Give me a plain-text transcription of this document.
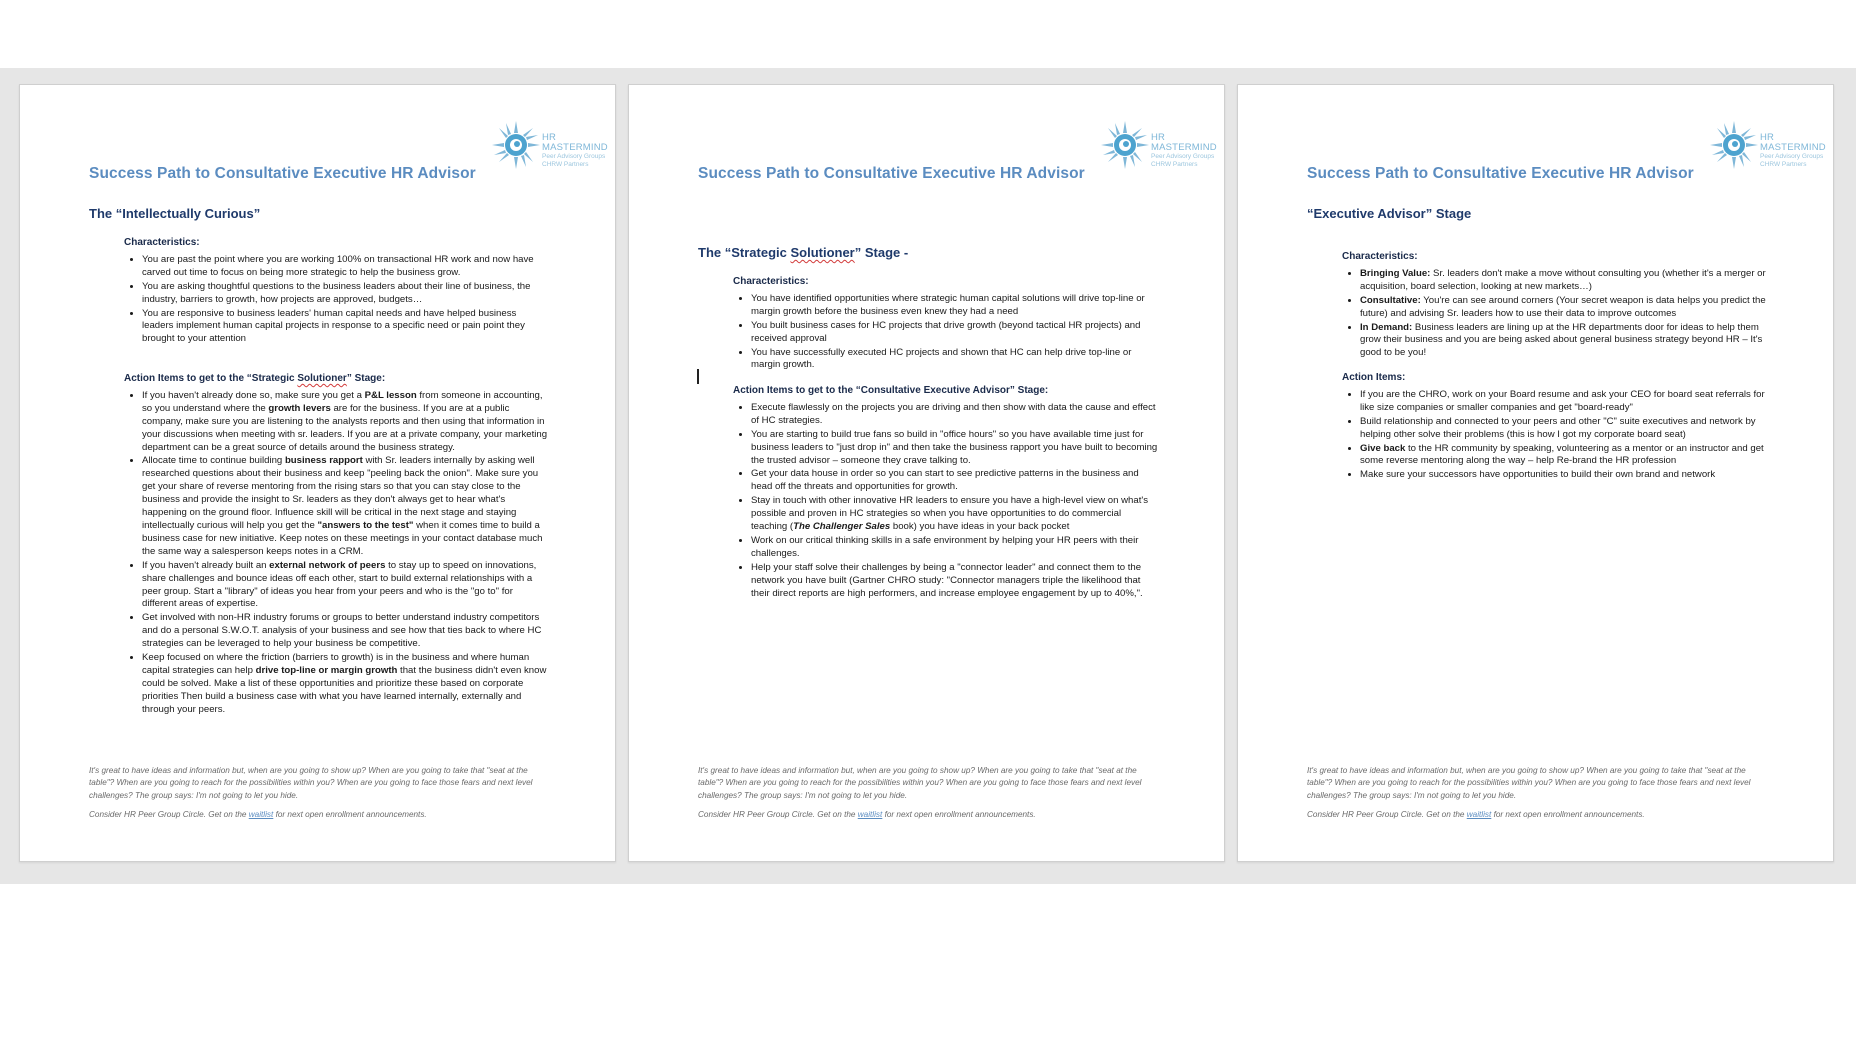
HR MASTERMIND
Peer Advisory Groups
CHRW Partners
Success Path to Consultative Executive HR Advisor
The “Intellectually Curious”
Characteristics:
• You are past the point where you are working 100% on transactional HR work and now have carved out time to focus on being more strategic to help the business grow.
• You are asking thoughtful questions to the business leaders about their line of business, the industry, barriers to growth, how projects are approved, budgets…
• You are responsive to business leaders' human capital needs and have helped business leaders implement human capital projects in response to a specific need or pain point they brought to your attention
Action Items to get to the “Strategic Solutioner” Stage:
• If you haven't already done so, make sure you get a P&L lesson from someone in accounting, so you understand where the growth levers are for the business. If you are at a public company, make sure you are listening to the analysts reports and then using that information in your discussions when meeting with sr. leaders. If you are at a private company, your marketing department can be a great source of details around the business strategy.
• Allocate time to continue building business rapport with Sr. leaders internally by asking well researched questions about their business and keep "peeling back the onion". Make sure you get your share of reverse mentoring from the rising stars so that you can stay close to the business and provide the insight to Sr. leaders as they don't always get to hear what's happening on the ground floor. Influence skill will be critical in the next stage and staying intellectually curious will help you get the "answers to the test" when it comes time to build a business case for new initiative. Keep notes on these meetings in your contact database much the same way a salesperson keeps notes in a CRM.
• If you haven't already built an external network of peers to stay up to speed on innovations, share challenges and bounce ideas off each other, start to build external relationships with a peer group. Start a "library" of ideas you hear from your peers and who is the "go to" for different areas of expertise.
• Get involved with non-HR industry forums or groups to better understand industry competitors and do a personal S.W.O.T. analysis of your business and see how that ties back to where HC strategies can be leveraged to help your business be competitive.
• Keep focused on where the friction (barriers to growth) is in the business and where human capital strategies can help drive top-line or margin growth that the business didn't even know could be solved. Make a list of these opportunities and prioritize these based on corporate priorities Then build a business case with what you have learned internally, externally and through your peers.

It's great to have ideas and information but, when are you going to show up? When are you going to take that "seat at the table"? When are you going to reach for the possibilities within you? When are you going to face those fears and next level challenges? The group says: I'm not going to let you hide.

Consider HR Peer Group Circle. Get on the waitlist for next open enrollment announcements.

HR MASTERMIND
Peer Advisory Groups
CHRW Partners
Success Path to Consultative Executive HR Advisor
The “Strategic Solutioner” Stage -
Characteristics:
• You have identified opportunities where strategic human capital solutions will drive top-line or margin growth before the business even knew they had a need
• You built business cases for HC projects that drive growth (beyond tactical HR projects) and received approval
• You have successfully executed HC projects and shown that HC can help drive top-line or margin growth.
Action Items to get to the “Consultative Executive Advisor” Stage:
• Execute flawlessly on the projects you are driving and then show with data the cause and effect of HC strategies.
• You are starting to build true fans so build in "office hours" so you have available time just for business leaders to "just drop in" and then take the business rapport you have built to becoming the trusted advisor – someone they crave talking to.
• Get your data house in order so you can start to see predictive patterns in the business and head off the threats and opportunities for growth.
• Stay in touch with other innovative HR leaders to ensure you have a high-level view on what's possible and proven in HC strategies so when you have opportunities to do commercial teaching (The Challenger Sales book) you have ideas in your back pocket
• Work on our critical thinking skills in a safe environment by helping your HR peers with their challenges.
• Help your staff solve their challenges by being a "connector leader" and connect them to the network you have built (Gartner CHRO study: "Connector managers triple the likelihood that their direct reports are high performers, and increase employee engagement by up to 40%,".

It's great to have ideas and information but, when are you going to show up? When are you going to take that "seat at the table"? When are you going to reach for the possibilities within you? When are you going to face those fears and next level challenges? The group says: I'm not going to let you hide.

Consider HR Peer Group Circle. Get on the waitlist for next open enrollment announcements.

HR MASTERMIND
Peer Advisory Groups
CHRW Partners
Success Path to Consultative Executive HR Advisor
“Executive Advisor” Stage
Characteristics:
• Bringing Value: Sr. leaders don't make a move without consulting you (whether it's a merger or acquisition, board selection, looking at new markets…)
• Consultative: You're can see around corners (Your secret weapon is data helps you predict the future) and advising Sr. leaders how to use their data to improve outcomes
• In Demand: Business leaders are lining up at the HR departments door for ideas to help them grow their business and you are being asked about general business strategy beyond HR – It's good to be you!
Action Items:
• If you are the CHRO, work on your Board resume and ask your CEO for board seat referrals for like size companies or smaller companies and get "board-ready"
• Build relationship and connected to your peers and other "C" suite executives and network by helping other solve their problems (this is how I got my corporate board seat)
• Give back to the HR community by speaking, volunteering as a mentor or an instructor and get some reverse mentoring along the way – help Re-brand the HR profession
• Make sure your successors have opportunities to build their own brand and network

It's great to have ideas and information but, when are you going to show up? When are you going to take that "seat at the table"? When are you going to reach for the possibilities within you? When are you going to face those fears and next level challenges? The group says: I'm not going to let you hide.

Consider HR Peer Group Circle. Get on the waitlist for next open enrollment announcements.
